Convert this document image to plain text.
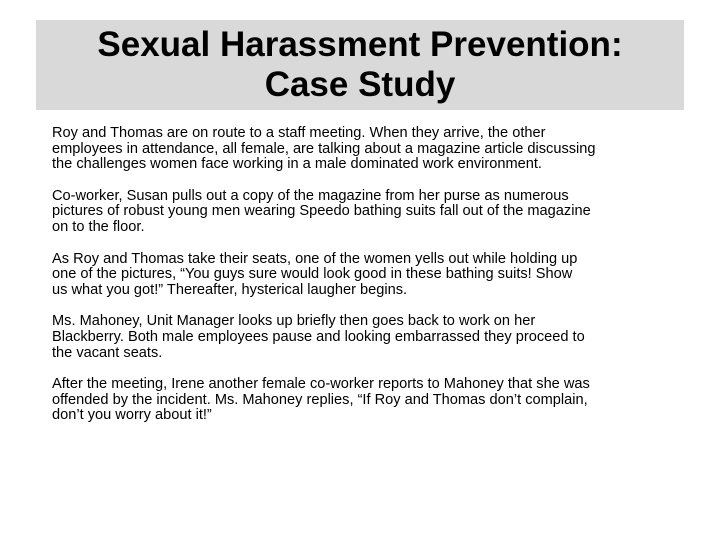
Sexual Harassment Prevention:
Case Study

Roy and Thomas are on route to a staff meeting. When they arrive, the other
employees in attendance, all female, are talking about a magazine article discussing
the challenges women face working in a male dominated work environment.

Co-worker, Susan pulls out a copy of the magazine from her purse as numerous
pictures of robust young men wearing Speedo bathing suits fall out of the magazine
on to the floor.

As Roy and Thomas take their seats, one of the women yells out while holding up
one of the pictures, “You guys sure would look good in these bathing suits! Show
us what you got!” Thereafter, hysterical laugher begins.

Ms. Mahoney, Unit Manager looks up briefly then goes back to work on her
Blackberry. Both male employees pause and looking embarrassed they proceed to
the vacant seats.

After the meeting, Irene another female co-worker reports to Mahoney that she was
offended by the incident. Ms. Mahoney replies, “If Roy and Thomas don’t complain,
don’t you worry about it!”
